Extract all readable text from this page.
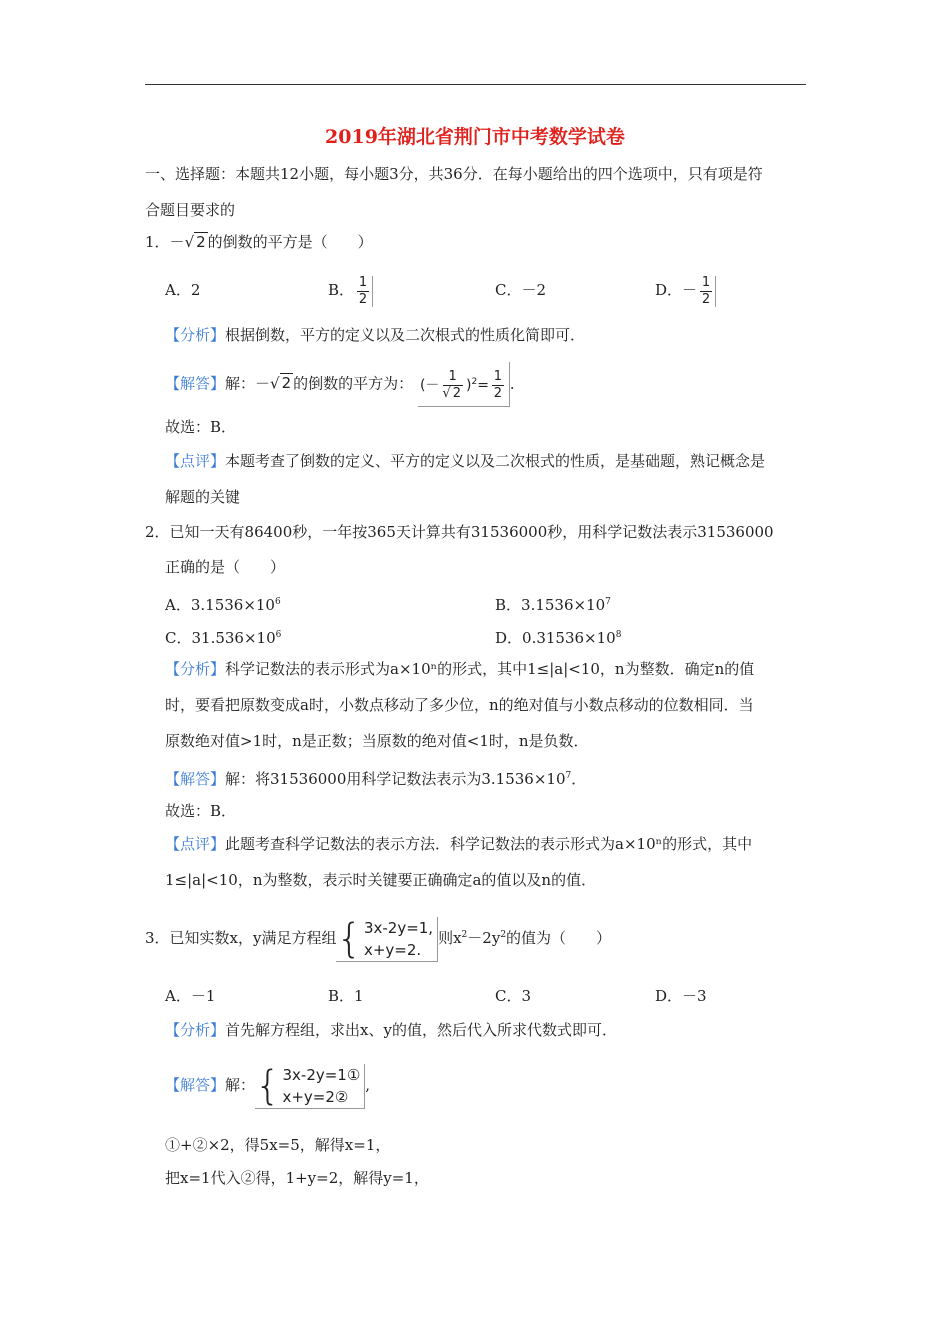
2019年湖北省荆门市中考数学试卷
一、选择题：本题共12小题，每小题3分，共36分．在每小题给出的四个选项中，只有项是符
合题目要求的
1．－√ 2 的倒数的平方是（　　）
A．2	B． $\frac{1}{2}$	C．－2	D．－ $\frac{1}{2}$
【分析】根据倒数，平方的定义以及二次根式的性质化简即可．
【解答】解：－√ 2 的倒数的平方为： (－ $\frac{1}{√ 2} )^2= \frac{1}{2}$ ．
故选：B．
【点评】本题考查了倒数的定义、平方的定义以及二次根式的性质，是基础题，熟记概念是
解题的关键
2．已知一天有86400秒，一年按365天计算共有31536000秒，用科学记数法表示31536000
正确的是（　　）
A．$3.1536\times 10^6$	B．$3.1536\times 10^7$
C．$31.536\times 10^6$	D．$0.31536\times 10^8$
【分析】科学记数法的表示形式为a×10ⁿ的形式，其中1≤|a|<10，n为整数．确定n的值
时，要看把原数变成a时，小数点移动了多少位，n的绝对值与小数点移动的位数相同．当
原数绝对值>1时，n是正数；当原数的绝对值<1时，n是负数．
【解答】解：将31536000用科学记数法表示为$3.1536\times 10^7$．
故选：B．
【点评】此题考查科学记数法的表示方法．科学记数法的表示形式为a×10ⁿ的形式，其中
1≤|a|<10，n为整数，表示时关键要正确确定a的值以及n的值．
3．已知实数x，y满足方程组 { 3x-2y=1,
x+y=2.
则$x^2-2y^2$的值为（　　）
A．－1	B．1	C．3	D．－3
【分析】首先解方程组，求出x、y的值，然后代入所求代数式即可．
【解答】解： { 3x-2y=1①
x+y=2②
,
①+②×2，得5x=5，解得x=1，
把x=1代入②得，1+y=2，解得y=1，
